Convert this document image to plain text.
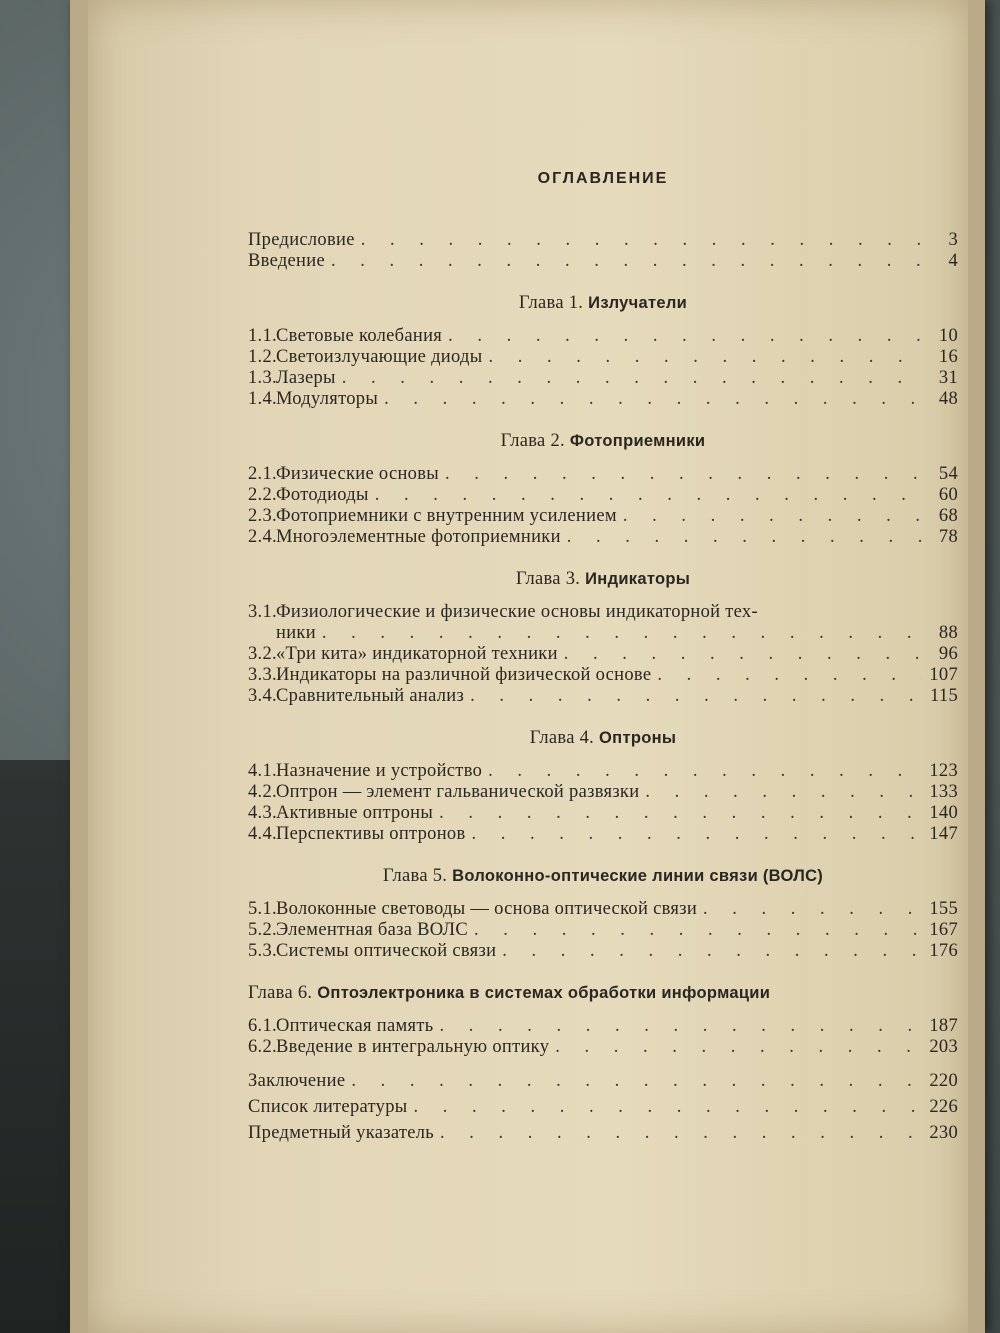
ОГЛАВЛЕНИЕ
Предисловие . . .	3
Введение . . .	4
Глава 1. Излучатели
1.1. Световые колебания . . .	10
1.2. Светоизлучающие диоды . . .	16
1.3. Лазеры . . .	31
1.4. Модуляторы . . .	48
Глава 2. Фотоприемники
2.1. Физические основы . . .	54
2.2. Фотодиоды . . .	60
2.3. Фотоприемники с внутренним усилением . . .	68
2.4. Многоэлементные фотоприемники . . .	78
Глава 3. Индикаторы
3.1. Физиологические и физические основы индикаторной тех-
ники . . .	88
3.2. «Три кита» индикаторной техники . . .	96
3.3. Индикаторы на различной физической основе . . .	107
3.4. Сравнительный анализ . . .	115
Глава 4. Оптроны
4.1. Назначение и устройство . . .	123
4.2. Оптрон — элемент гальванической развязки . . .	133
4.3. Активные оптроны . . .	140
4.4. Перспективы оптронов . . .	147
Глава 5. Волоконно-оптические линии связи (ВОЛС)
5.1. Волоконные световоды — основа оптической связи . . .	155
5.2. Элементная база ВОЛС . . .	167
5.3. Системы оптической связи . . .	176
Глава 6. Оптоэлектроника в системах обработки информации
6.1. Оптическая память . . .	187
6.2. Введение в интегральную оптику . . .	203
Заключение . . .	220
Список литературы . . .	226
Предметный указатель . . .	230
